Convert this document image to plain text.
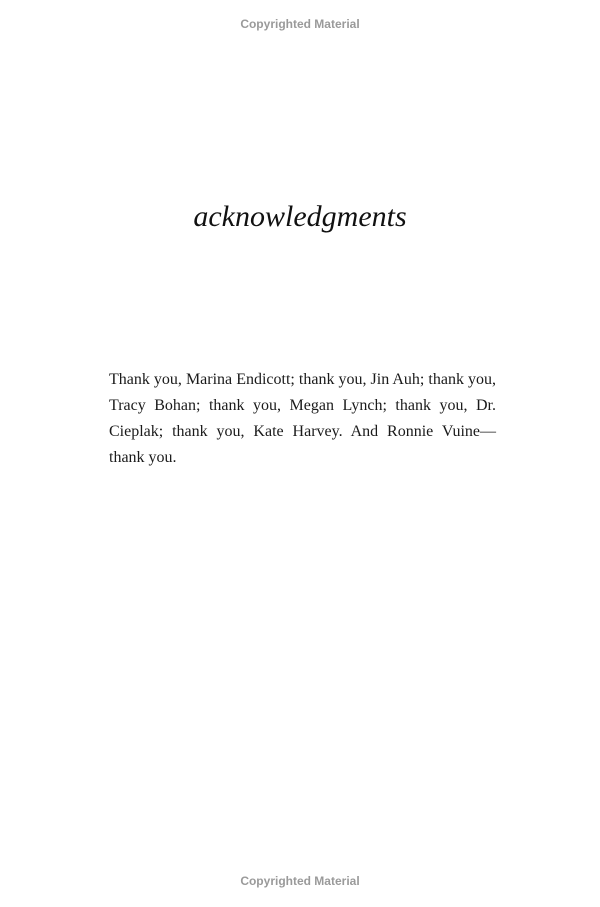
Copyrighted Material
acknowledgments

Thank you, Marina Endicott; thank you, Jin Auh; thank you, Tracy Bohan; thank you, Megan Lynch; thank you, Dr. Cieplak; thank you, Kate Harvey. And Ronnie Vuine—thank you.

Copyrighted Material
